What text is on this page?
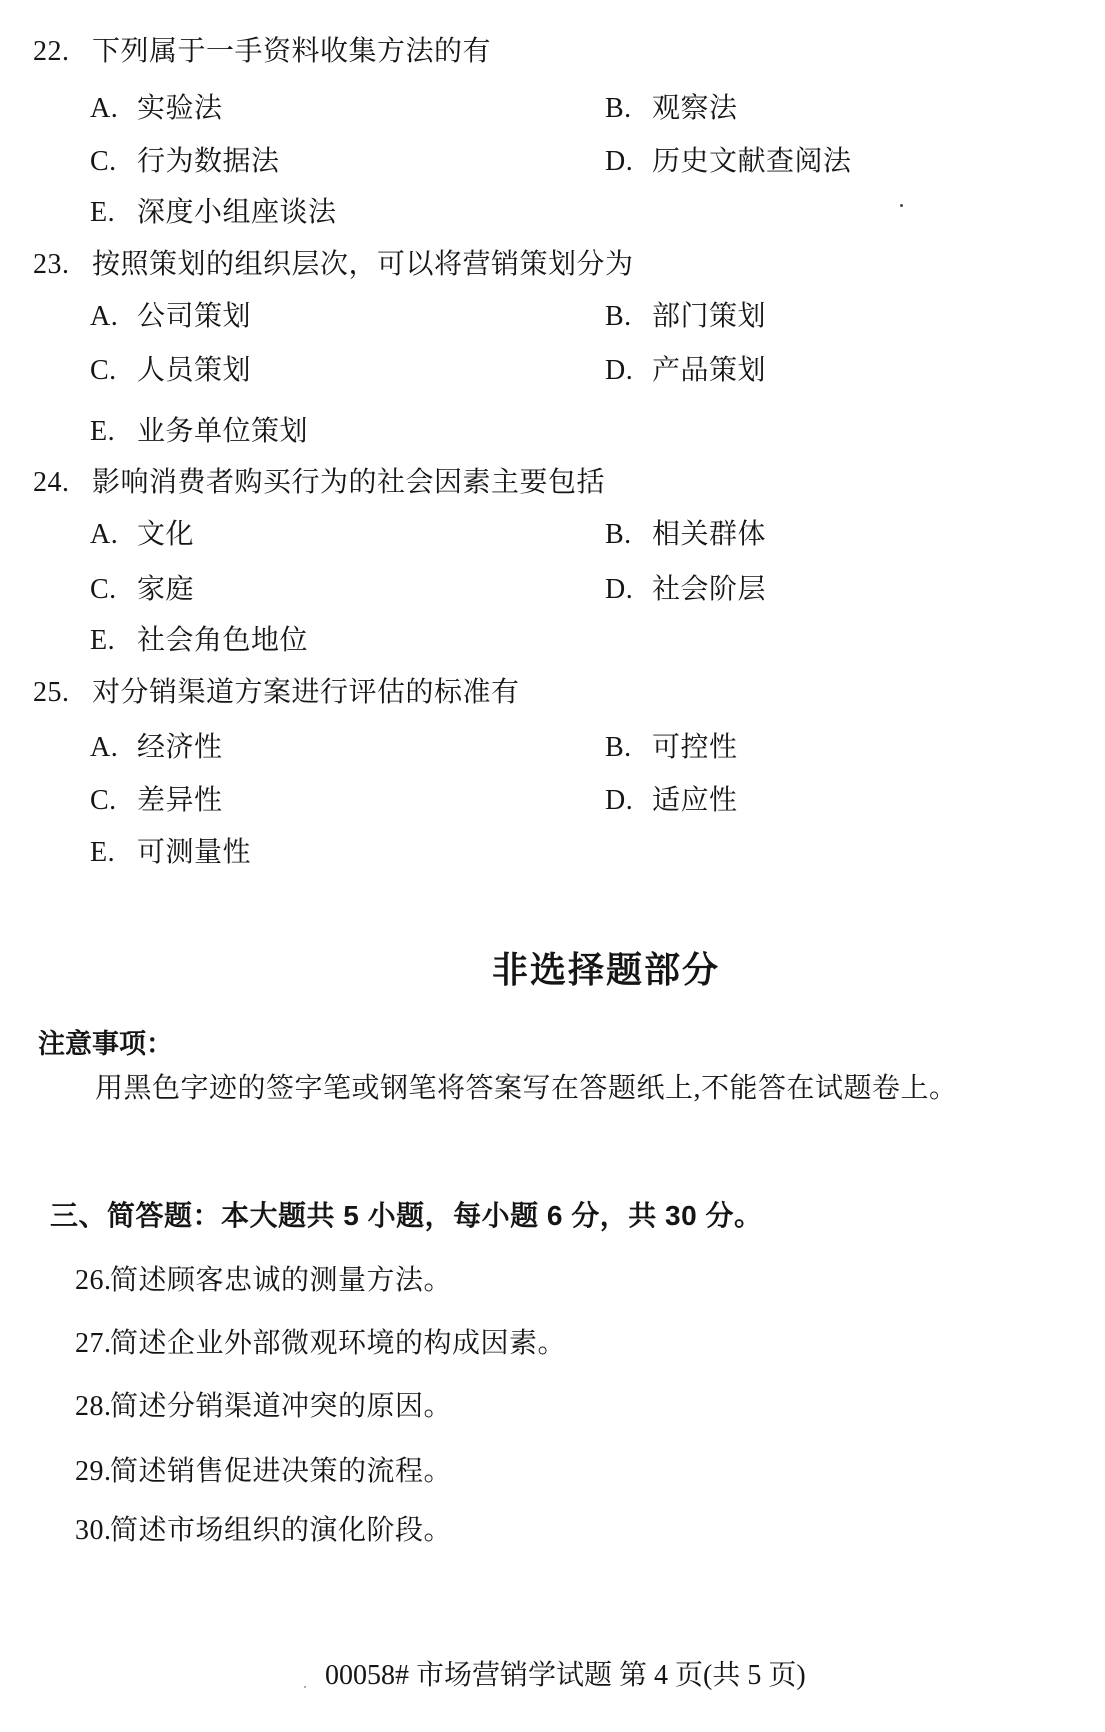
22. 下列属于一手资料收集方法的有
A. 实验法	B. 观察法
C. 行为数据法	D. 历史文献查阅法
E. 深度小组座谈法
23. 按照策划的组织层次，可以将营销策划分为
A. 公司策划	B. 部门策划
C. 人员策划	D. 产品策划
E. 业务单位策划
24. 影响消费者购买行为的社会因素主要包括
A. 文化	B. 相关群体
C. 家庭	D. 社会阶层
E. 社会角色地位
25. 对分销渠道方案进行评估的标准有
A. 经济性	B. 可控性
C. 差异性	D. 适应性
E. 可测量性
非选择题部分
注意事项：
用黑色字迹的签字笔或钢笔将答案写在答题纸上,不能答在试题卷上。
三、简答题：本大题共 5 小题，每小题 6 分，共 30 分。
26.简述顾客忠诚的测量方法。
27.简述企业外部微观环境的构成因素。
28.简述分销渠道冲突的原因。
29.简述销售促进决策的流程。
30.简述市场组织的演化阶段。
00058# 市场营销学试题 第 4 页(共 5 页)
